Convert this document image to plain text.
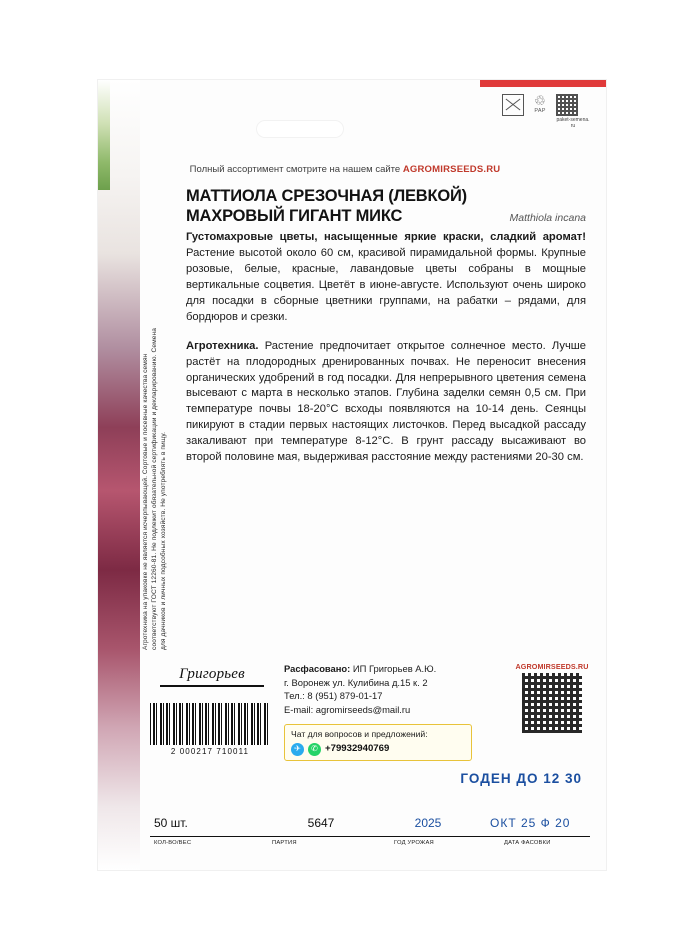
Агротехника на упаковке не является исчерпывающей. Сортовые и посевные качества семян соответствуют ГОСТ 12260-81. Не подлежит обязательной сертификации и декларированию. Семена для дачников и личных подсобных хозяйств. Не употреблять в пищу.
♲
PAP
paket-semena.ru
Полный ассортимент смотрите на нашем сайте AGROMIRSEEDS.RU
МАТТИОЛА СРЕЗОЧНАЯ (ЛЕВКОЙ)
МАХРОВЫЙ ГИГАНТ МИКС	Matthiola incana

Густомахровые цветы, насыщенные яркие краски, сладкий аромат! Растение высотой около 60 см, красивой пирамидальной формы. Крупные розовые, белые, красные, лавандовые цветы собраны в мощные вертикальные соцветия. Цветёт в июне-августе. Используют очень широко для посадки в сборные цветники группами, на рабатки – рядами, для бордюров и срезки.

Агротехника. Растение предпочитает открытое солнечное место. Лучше растёт на плодородных дренированных почвах. Не переносит внесения органических удобрений в год посадки. Для непрерывного цветения семена высевают с марта в несколько этапов. Глубина заделки семян 0,5 см. При температуре почвы 18-20°C всходы появляются на 10-14 день. Сеянцы пикируют в стадии первых настоящих листочков. Перед высадкой рассаду закаливают при температуре 8-12°C. В грунт рассаду высаживают во второй половине мая, выдерживая расстояние между растениями 20-30 см.

Григорьев
2 000217 710011
Расфасовано: ИП Григорьев А.Ю.
г. Воронеж ул. Кулибина д.15 к. 2
Тел.: 8 (951) 879-01-17
E-mail: agromirseeds@mail.ru
Чат для вопросов и предложений:
✈	✆ +79932940769
AGROMIRSEEDS.RU
ГОДЕН ДО 12 30
50 шт.	5647	2025	ОКТ 25 Ф 20
КОЛ-ВО/ВЕС	ПАРТИЯ	ГОД УРОЖАЯ	ДАТА ФАСОВКИ
